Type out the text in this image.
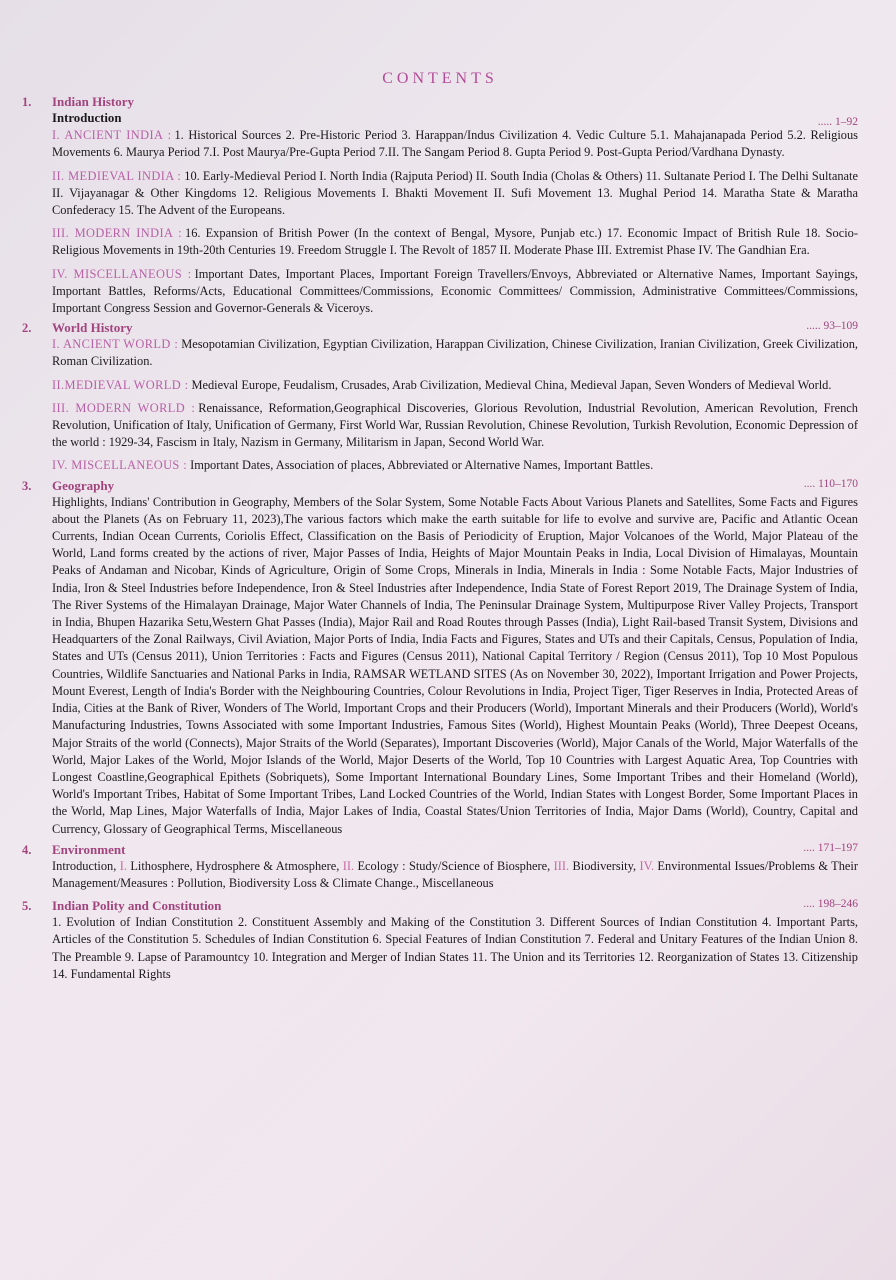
CONTENTS
1.	Indian History
Introduction	..... 1–92

I. ANCIENT INDIA : 1. Historical Sources 2. Pre-Historic Period 3. Harappan/Indus Civilization 4. Vedic Culture 5.1. Mahajanapada Period 5.2. Religious Movements 6. Maurya Period 7.I. Post Maurya/Pre-Gupta Period 7.II. The Sangam Period 8. Gupta Period 9. Post-Gupta Period/Vardhana Dynasty.

II. MEDIEVAL INDIA : 10. Early-Medieval Period I. North India (Rajputa Period) II. South India (Cholas & Others) 11. Sultanate Period I. The Delhi Sultanate II. Vijayanagar & Other Kingdoms 12. Religious Movements I. Bhakti Movement II. Sufi Movement 13. Mughal Period 14. Maratha State & Maratha Confederacy 15. The Advent of the Europeans.

III. MODERN INDIA : 16. Expansion of British Power (In the context of Bengal, Mysore, Punjab etc.) 17. Economic Impact of British Rule 18. Socio-Religious Movements in 19th-20th Centuries 19. Freedom Struggle I. The Revolt of 1857 II. Moderate Phase III. Extremist Phase IV. The Gandhian Era.

IV. MISCELLANEOUS : Important Dates, Important Places, Important Foreign Travellers/Envoys, Abbreviated or Alternative Names, Important Sayings, Important Battles, Reforms/Acts, Educational Committees/Commissions, Economic Committees/ Commission, Administrative Committees/Commissions, Important Congress Session and Governor-Generals & Viceroys.

2.	World History	..... 93–109

I. ANCIENT WORLD : Mesopotamian Civilization, Egyptian Civilization, Harappan Civilization, Chinese Civilization, Iranian Civilization, Greek Civilization, Roman Civilization.

II.MEDIEVAL WORLD : Medieval Europe, Feudalism, Crusades, Arab Civilization, Medieval China, Medieval Japan, Seven Wonders of Medieval World.

III. MODERN WORLD : Renaissance, Reformation,Geographical Discoveries, Glorious Revolution, Industrial Revolution, American Revolution, French Revolution, Unification of Italy, Unification of Germany, First World War, Russian Revolution, Chinese Revolution, Turkish Revolution, Economic Depression of the world : 1929-34, Fascism in Italy, Nazism in Germany, Militarism in Japan, Second World War.

IV. MISCELLANEOUS : Important Dates, Association of places, Abbreviated or Alternative Names, Important Battles.

3.	Geography	.... 110–170

Highlights, Indians' Contribution in Geography, Members of the Solar System, Some Notable Facts About Various Planets and Satellites, Some Facts and Figures about the Planets (As on February 11, 2023),The various factors which make the earth suitable for life to evolve and survive are, Pacific and Atlantic Ocean Currents, Indian Ocean Currents, Coriolis Effect, Classification on the Basis of Periodicity of Eruption, Major Volcanoes of the World, Major Plateau of the World, Land forms created by the actions of river, Major Passes of India, Heights of Major Mountain Peaks in India, Local Division of Himalayas, Mountain Peaks of Andaman and Nicobar, Kinds of Agriculture, Origin of Some Crops, Minerals in India, Minerals in India : Some Notable Facts, Major Industries of India, Iron & Steel Industries before Independence, Iron & Steel Industries after Independence, India State of Forest Report 2019, The Drainage System of India, The River Systems of the Himalayan Drainage, Major Water Channels of India, The Peninsular Drainage System, Multipurpose River Valley Projects, Transport in India, Bhupen Hazarika Setu,Western Ghat Passes (India), Major Rail and Road Routes through Passes (India), Light Rail-based Transit System, Divisions and Headquarters of the Zonal Railways, Civil Aviation, Major Ports of India, India Facts and Figures, States and UTs and their Capitals, Census, Population of India, States and UTs (Census 2011), Union Territories : Facts and Figures (Census 2011), National Capital Territory / Region (Census 2011), Top 10 Most Populous Countries, Wildlife Sanctuaries and National Parks in India, RAMSAR WETLAND SITES (As on November 30, 2022), Important Irrigation and Power Projects, Mount Everest, Length of India's Border with the Neighbouring Countries, Colour Revolutions in India, Project Tiger, Tiger Reserves in India, Protected Areas of India, Cities at the Bank of River, Wonders of The World, Important Crops and their Producers (World), Important Minerals and their Producers (World), World's Manufacturing Industries, Towns Associated with some Important Industries, Famous Sites (World), Highest Mountain Peaks (World), Three Deepest Oceans, Major Straits of the world (Connects), Major Straits of the World (Separates), Important Discoveries (World), Major Canals of the World, Major Waterfalls of the World, Major Lakes of the World, Mojor Islands of the World, Major Deserts of the World, Top 10 Countries with Largest Aquatic Area, Top Countries with Longest Coastline,Geographical Epithets (Sobriquets), Some Important International Boundary Lines, Some Important Tribes and their Homeland (World), World's Important Tribes, Habitat of Some Important Tribes, Land Locked Countries of the World, Indian States with Longest Border, Some Important Places in the World, Map Lines, Major Waterfalls of India, Major Lakes of India, Coastal States/Union Territories of India, Major Dams (World), Country, Capital and Currency, Glossary of Geographical Terms, Miscellaneous

4.	Environment	.... 171–197

Introduction, I. Lithosphere, Hydrosphere & Atmosphere, II. Ecology : Study/Science of Biosphere, III. Biodiversity, IV. Environmental Issues/Problems & Their Management/Measures : Pollution, Biodiversity Loss & Climate Change., Miscellaneous

5.	Indian Polity and Constitution	.... 198–246

1. Evolution of Indian Constitution 2. Constituent Assembly and Making of the Constitution 3. Different Sources of Indian Constitution 4. Important Parts, Articles of the Constitution 5. Schedules of Indian Constitution 6. Special Features of Indian Constitution 7. Federal and Unitary Features of the Indian Union 8. The Preamble 9. Lapse of Paramountcy 10. Integration and Merger of Indian States 11. The Union and its Territories 12. Reorganization of States 13. Citizenship 14. Fundamental Rights
